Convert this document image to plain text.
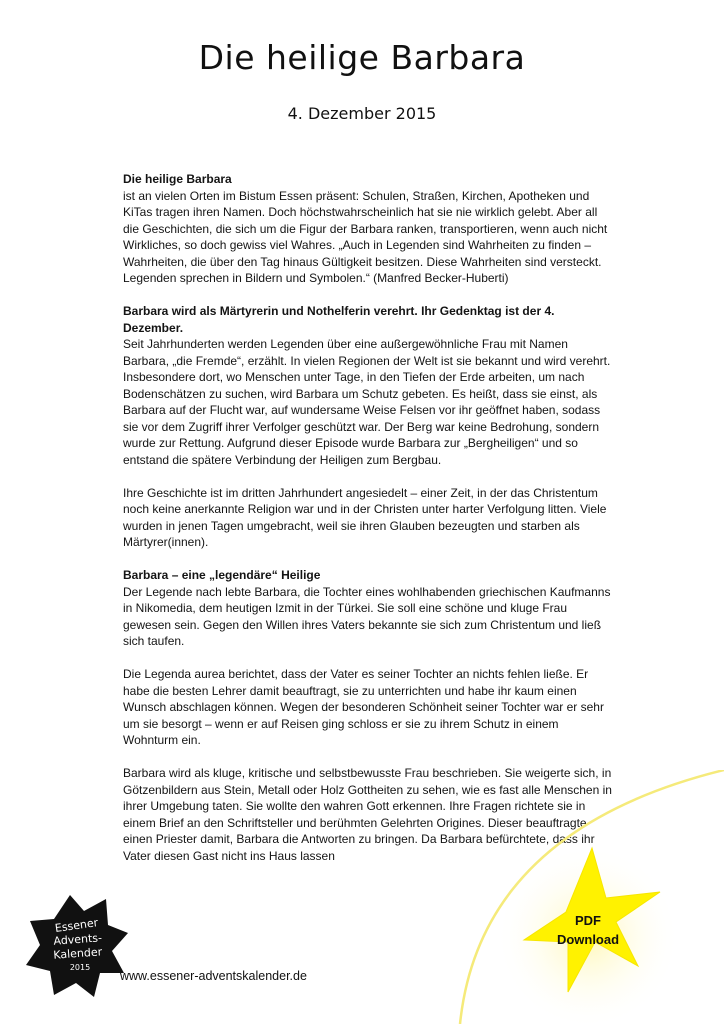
Die heilige Barbara
4. Dezember 2015

Die heilige Barbara

ist an vielen Orten im Bistum Essen präsent: Schulen, Straßen, Kirchen, Apotheken und KiTas tragen ihren Namen. Doch höchstwahrscheinlich hat sie nie wirklich gelebt. Aber all die Geschichten, die sich um die Figur der Barbara ranken, transportieren, wenn auch nicht Wirkliches, so doch gewiss viel Wahres. „Auch in Legenden sind Wahrheiten zu finden – Wahrheiten, die über den Tag hinaus Gültigkeit besitzen. Diese Wahrheiten sind versteckt. Legenden sprechen in Bildern und Symbolen.“ (Manfred Becker-Huberti)

Barbara wird als Märtyrerin und Nothelferin verehrt. Ihr Gedenktag ist der 4. Dezember.

Seit Jahrhunderten werden Legenden über eine außergewöhnliche Frau mit Namen Barbara, „die Fremde“, erzählt. In vielen Regionen der Welt ist sie bekannt und wird verehrt. Insbesondere dort, wo Menschen unter Tage, in den Tiefen der Erde arbeiten, um nach Bodenschätzen zu suchen, wird Barbara um Schutz gebeten. Es heißt, dass sie einst, als Barbara auf der Flucht war, auf wundersame Weise Felsen vor ihr geöffnet haben, sodass sie vor dem Zugriff ihrer Verfolger geschützt war. Der Berg war keine Bedrohung, sondern wurde zur Rettung. Aufgrund dieser Episode wurde Barbara zur „Bergheiligen“ und so entstand die spätere Verbindung der Heiligen zum Bergbau.

Ihre Geschichte ist im dritten Jahrhundert angesiedelt – einer Zeit, in der das Christentum noch keine anerkannte Religion war und in der Christen unter harter Verfolgung litten. Viele wurden in jenen Tagen umgebracht, weil sie ihren Glauben bezeugten und starben als Märtyrer(innen).

Barbara – eine „legendäre“ Heilige

Der Legende nach lebte Barbara, die Tochter eines wohlhabenden griechischen Kaufmanns in Nikomedia, dem heutigen Izmit in der Türkei. Sie soll eine schöne und kluge Frau gewesen sein. Gegen den Willen ihres Vaters bekannte sie sich zum Christentum und ließ sich taufen.

Die Legenda aurea berichtet, dass der Vater es seiner Tochter an nichts fehlen ließe. Er habe die besten Lehrer damit beauftragt, sie zu unterrichten und habe ihr kaum einen Wunsch abschlagen können. Wegen der besonderen Schönheit seiner Tochter war er sehr um sie besorgt – wenn er auf Reisen ging schloss er sie zu ihrem Schutz in einem Wohnturm ein.

Barbara wird als kluge, kritische und selbstbewusste Frau beschrieben. Sie weigerte sich, in Götzenbildern aus Stein, Metall oder Holz Gottheiten zu sehen, wie es fast alle Menschen in ihrer Umgebung taten. Sie wollte den wahren Gott erkennen. Ihre Fragen richtete sie in einem Brief an den Schriftsteller und berühmten Gelehrten Origines. Dieser beauftragte einen Priester damit, Barbara die Antworten zu bringen. Da Barbara befürchtete, dass ihr Vater diesen Gast nicht ins Haus lassen

PDF
Download
Essener
Advents-
Kalender
2015
www.essener-adventskalender.de
